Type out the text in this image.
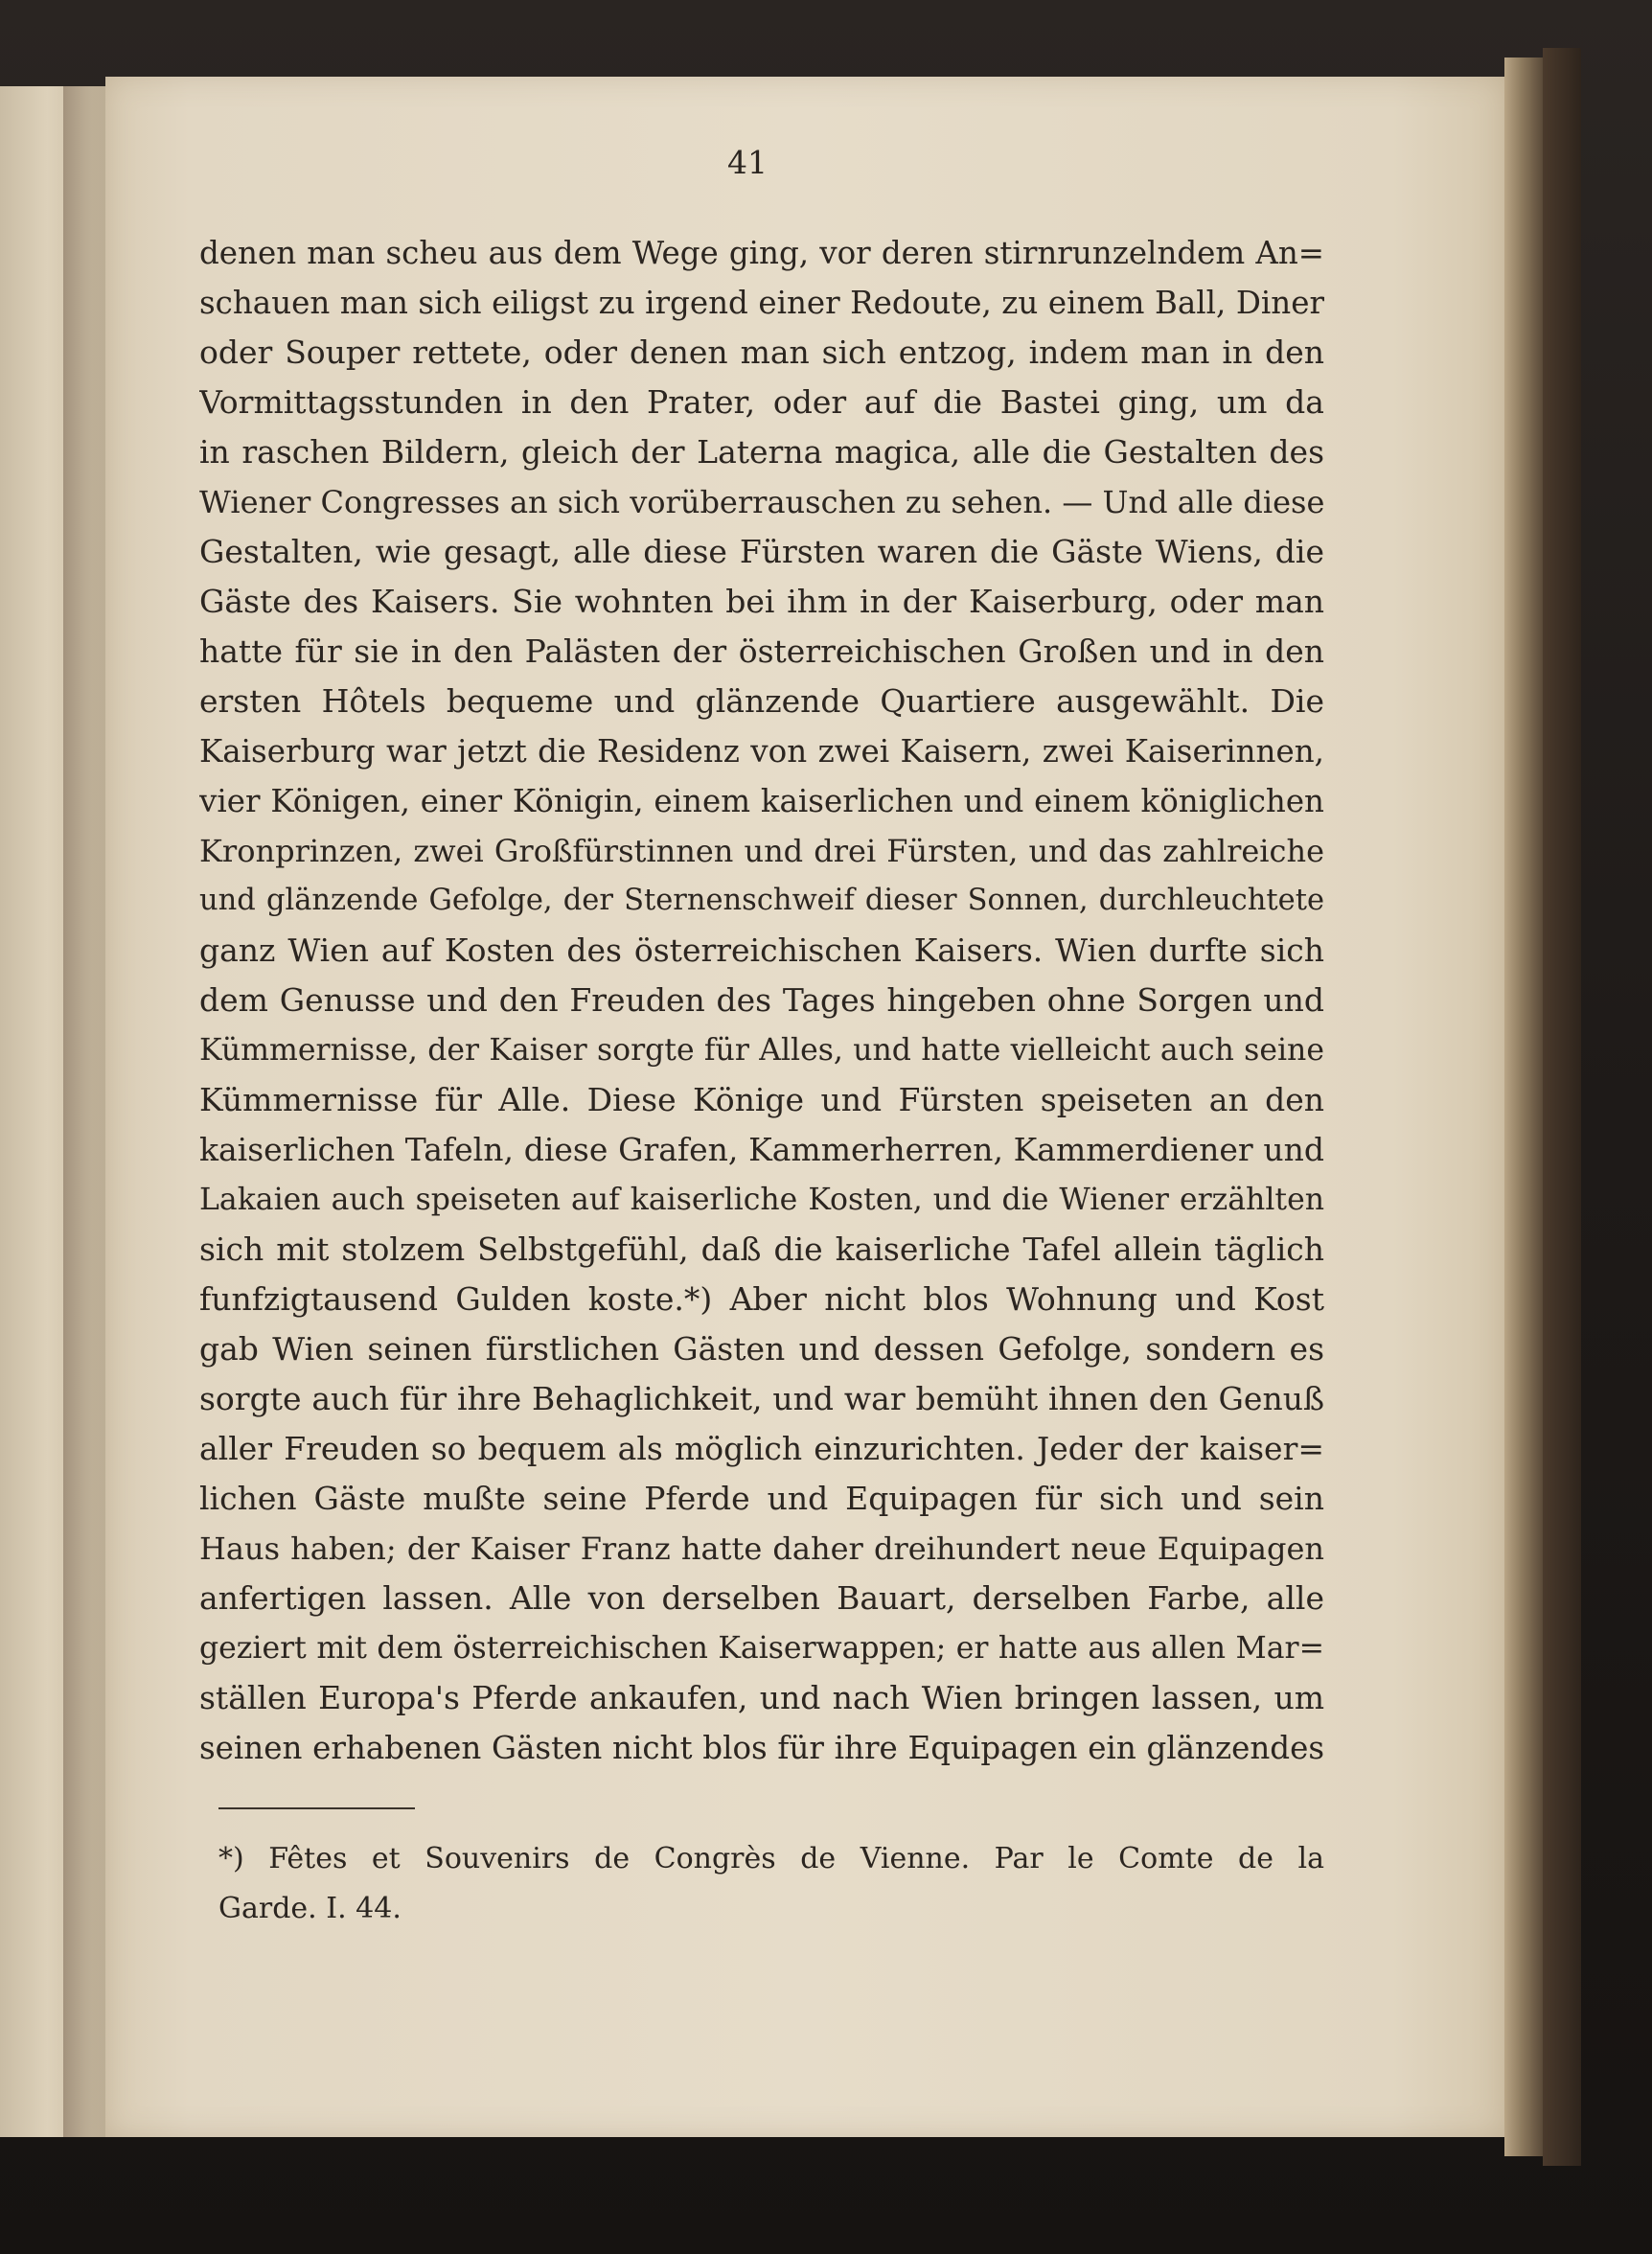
41
denen man scheu aus dem Wege ging, vor deren stirnrunzelndem An=
schauen man sich eiligst zu irgend einer Redoute, zu einem Ball, Diner
oder Souper rettete, oder denen man sich entzog, indem man in den
Vormittagsstunden in den Prater, oder auf die Bastei ging, um da
in raschen Bildern, gleich der Laterna magica, alle die Gestalten des
Wiener Congresses an sich vorüberrauschen zu sehen. — Und alle diese
Gestalten, wie gesagt, alle diese Fürsten waren die Gäste Wiens, die
Gäste des Kaisers. Sie wohnten bei ihm in der Kaiserburg, oder man
hatte für sie in den Palästen der österreichischen Großen und in den
ersten Hôtels bequeme und glänzende Quartiere ausgewählt. Die
Kaiserburg war jetzt die Residenz von zwei Kaisern, zwei Kaiserinnen,
vier Königen, einer Königin, einem kaiserlichen und einem königlichen
Kronprinzen, zwei Großfürstinnen und drei Fürsten, und das zahlreiche
und glänzende Gefolge, der Sternenschweif dieser Sonnen, durchleuchtete
ganz Wien auf Kosten des österreichischen Kaisers. Wien durfte sich
dem Genusse und den Freuden des Tages hingeben ohne Sorgen und
Kümmernisse, der Kaiser sorgte für Alles, und hatte vielleicht auch seine
Kümmernisse für Alle. Diese Könige und Fürsten speiseten an den
kaiserlichen Tafeln, diese Grafen, Kammerherren, Kammerdiener und
Lakaien auch speiseten auf kaiserliche Kosten, und die Wiener erzählten
sich mit stolzem Selbstgefühl, daß die kaiserliche Tafel allein täglich
funfzigtausend Gulden koste.*) Aber nicht blos Wohnung und Kost
gab Wien seinen fürstlichen Gästen und dessen Gefolge, sondern es
sorgte auch für ihre Behaglichkeit, und war bemüht ihnen den Genuß
aller Freuden so bequem als möglich einzurichten. Jeder der kaiser=
lichen Gäste mußte seine Pferde und Equipagen für sich und sein
Haus haben; der Kaiser Franz hatte daher dreihundert neue Equipagen
anfertigen lassen. Alle von derselben Bauart, derselben Farbe, alle
geziert mit dem österreichischen Kaiserwappen; er hatte aus allen Mar=
ställen Europa's Pferde ankaufen, und nach Wien bringen lassen, um
seinen erhabenen Gästen nicht blos für ihre Equipagen ein glänzendes
*) Fêtes et Souvenirs de Congrès de Vienne. Par le Comte de la
Garde. I. 44.
